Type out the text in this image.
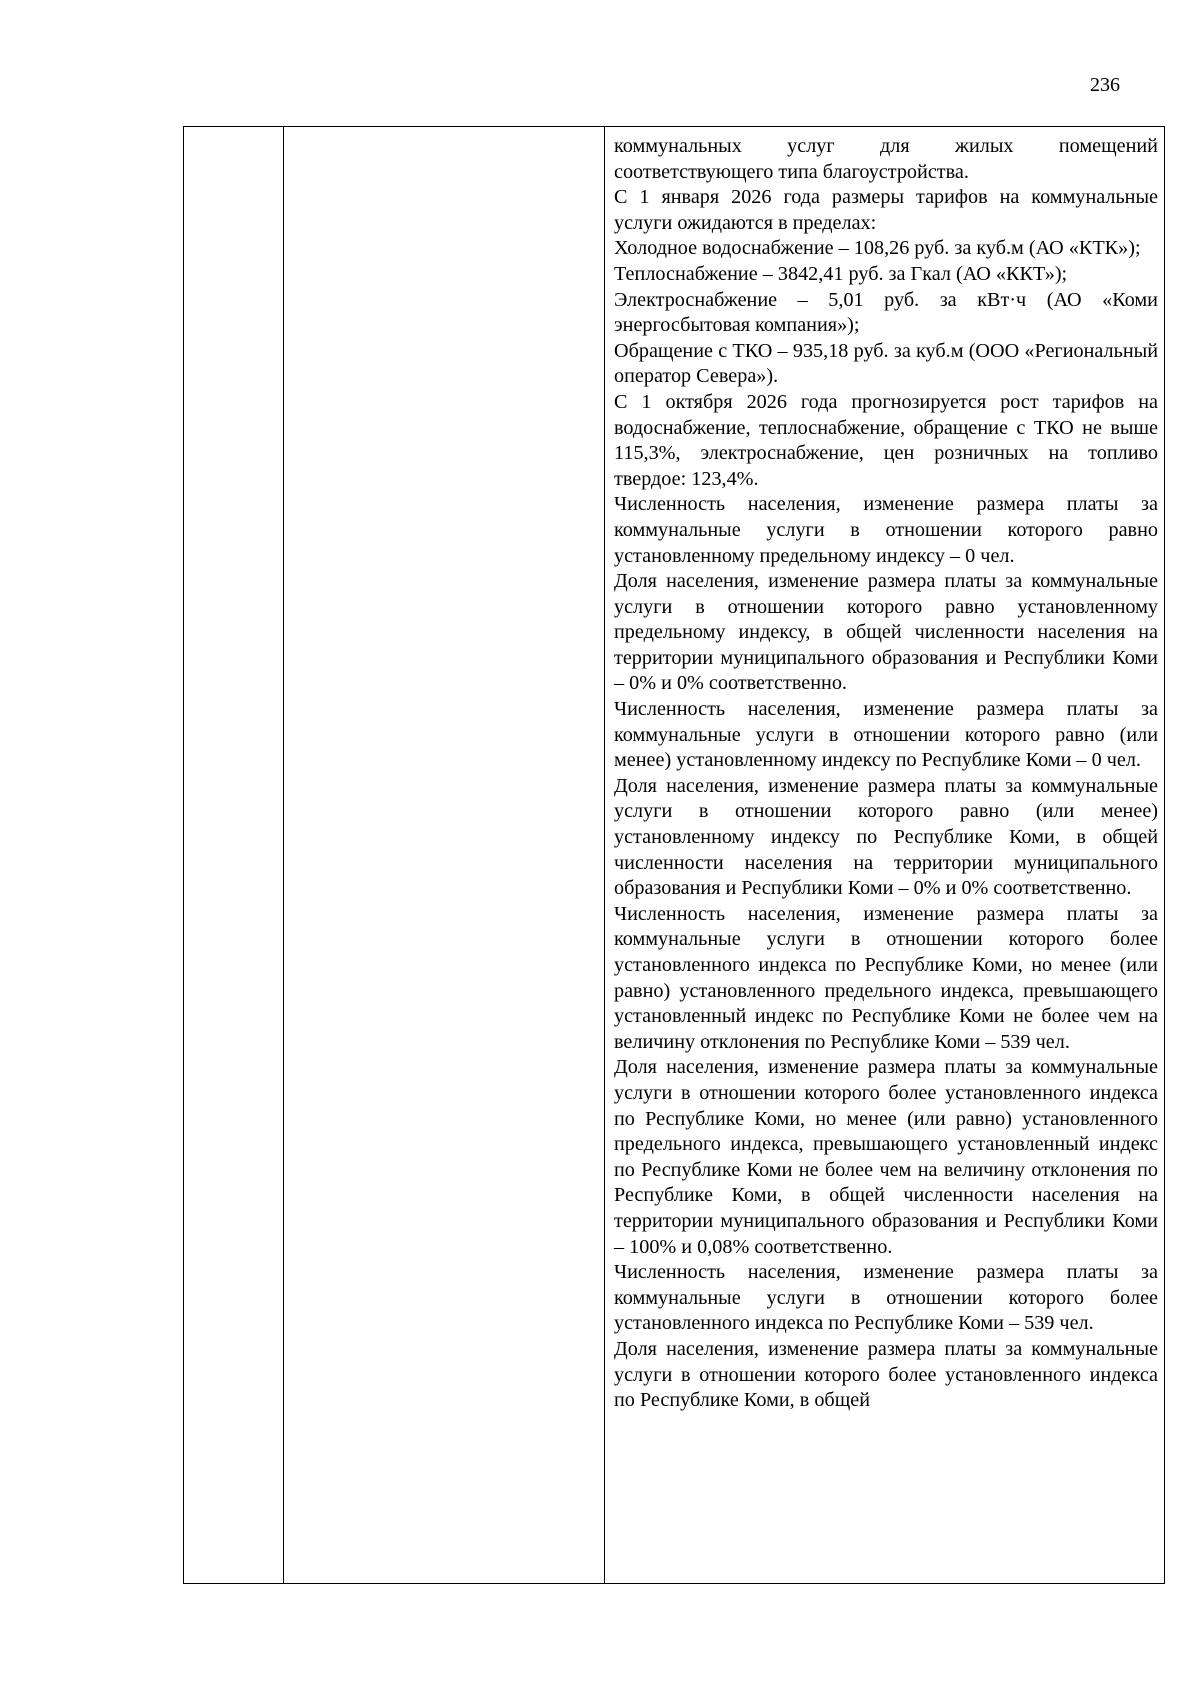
236

коммунальных услуг для жилых помещений соответствующего типа благоустройства.

С 1 января 2026 года размеры тарифов на коммунальные услуги ожидаются в пределах:

Холодное водоснабжение – 108,26 руб. за куб.м (АО «КТК»);

Теплоснабжение – 3842,41 руб. за Гкал (АО «ККТ»);

Электроснабжение – 5,01 руб. за кВт·ч (АО «Коми энергосбытовая компания»);

Обращение с ТКО – 935,18 руб. за куб.м (ООО «Региональный оператор Севера»).

С 1 октября 2026 года прогнозируется рост тарифов на водоснабжение, теплоснабжение, обращение с ТКО не выше 115,3%, электроснабжение, цен розничных на топливо твердое: 123,4%.

Численность населения, изменение размера платы за коммунальные услуги в отношении которого равно установленному предельному индексу – 0 чел.

Доля населения, изменение размера платы за коммунальные услуги в отношении которого равно установленному предельному индексу, в общей численности населения на территории муниципального образования и Республики Коми – 0% и 0% соответственно.

Численность населения, изменение размера платы за коммунальные услуги в отношении которого равно (или менее) установленному индексу по Республике Коми – 0 чел.

Доля населения, изменение размера платы за коммунальные услуги в отношении которого равно (или менее) установленному индексу по Республике Коми, в общей численности населения на территории муниципального образования и Республики Коми – 0% и 0% соответственно.

Численность населения, изменение размера платы за коммунальные услуги в отношении которого более установленного индекса по Республике Коми, но менее (или равно) установленного предельного индекса, превышающего установленный индекс по Республике Коми не более чем на величину отклонения по Республике Коми – 539 чел.

Доля населения, изменение размера платы за коммунальные услуги в отношении которого более установленного индекса по Республике Коми, но менее (или равно) установленного предельного индекса, превышающего установленный индекс по Республике Коми не более чем на величину отклонения по Республике Коми, в общей численности населения на территории муниципального образования и Республики Коми – 100% и 0,08% соответственно.

Численность населения, изменение размера платы за коммунальные услуги в отношении которого более установленного индекса по Республике Коми – 539 чел.

Доля населения, изменение размера платы за коммунальные услуги в отношении которого более установленного индекса по Республике Коми, в общей
